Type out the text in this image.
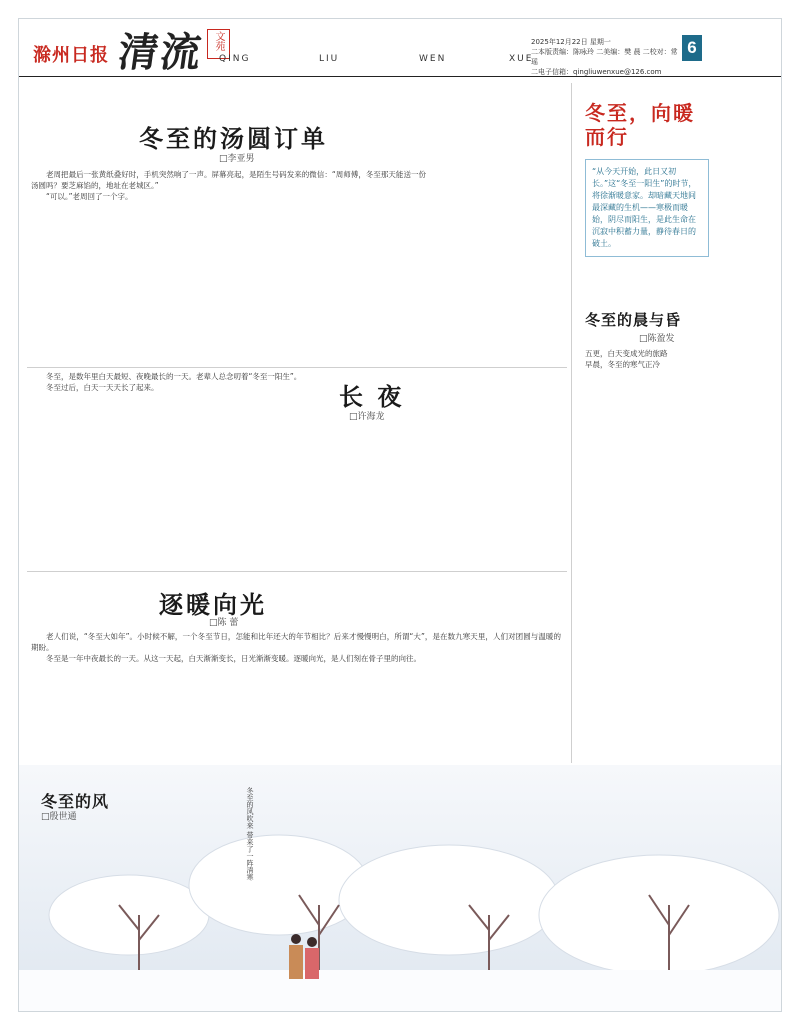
滁州日报 清流 文苑
QING	LIU	WEN	XUE
2025年12月22日 星期一
二本版责编：陈咏玲 二美编：樊 晨 二校对：常 瑶
二电子信箱：qingliuwenxue@126.com
6
冬至的汤圆订单
□李亚男

老周把最后一张黄纸叠好时，手机突然响了一声。屏幕亮起，是陌生号码发来的微信：“周师傅，冬至那天能送一份汤圆吗？要芝麻馅的，地址在老城区。”

“可以。”老周回了一个字。

长 夜
□许海龙

冬至，是数年里白天最短、夜晚最长的一天。老辈人总念叨着“冬至一阳生”。

冬至过后，白天一天天长了起来。

逐暖向光
□陈 蕾

老人们说，“冬至大如年”。小时候不解，一个冬至节日，怎能和比年还大的年节相比？后来才慢慢明白，所谓“大”，是在数九寒天里，人们对团圆与温暖的期盼。

冬至是一年中夜最长的一天。从这一天起，白天渐渐变长，日光渐渐变暖。逐暖向光，是人们刻在骨子里的向往。

冬至，向暖而行
“从今天开始，此日又初长。”这“冬至一阳生”的时节，将徐渐暖意家。却暗藏天地间最深藏的生机——寒极而暖始，阴尽而阳生，是此生命在沉寂中积蓄力量，静待春日的破土。
冬至的晨与昏
□陈盈发
五更，白天变成光的旅路
早晨，冬至的寒气正冷
冬至的风
□殷世通	冬至的风吹来 带来了一阵清寒
